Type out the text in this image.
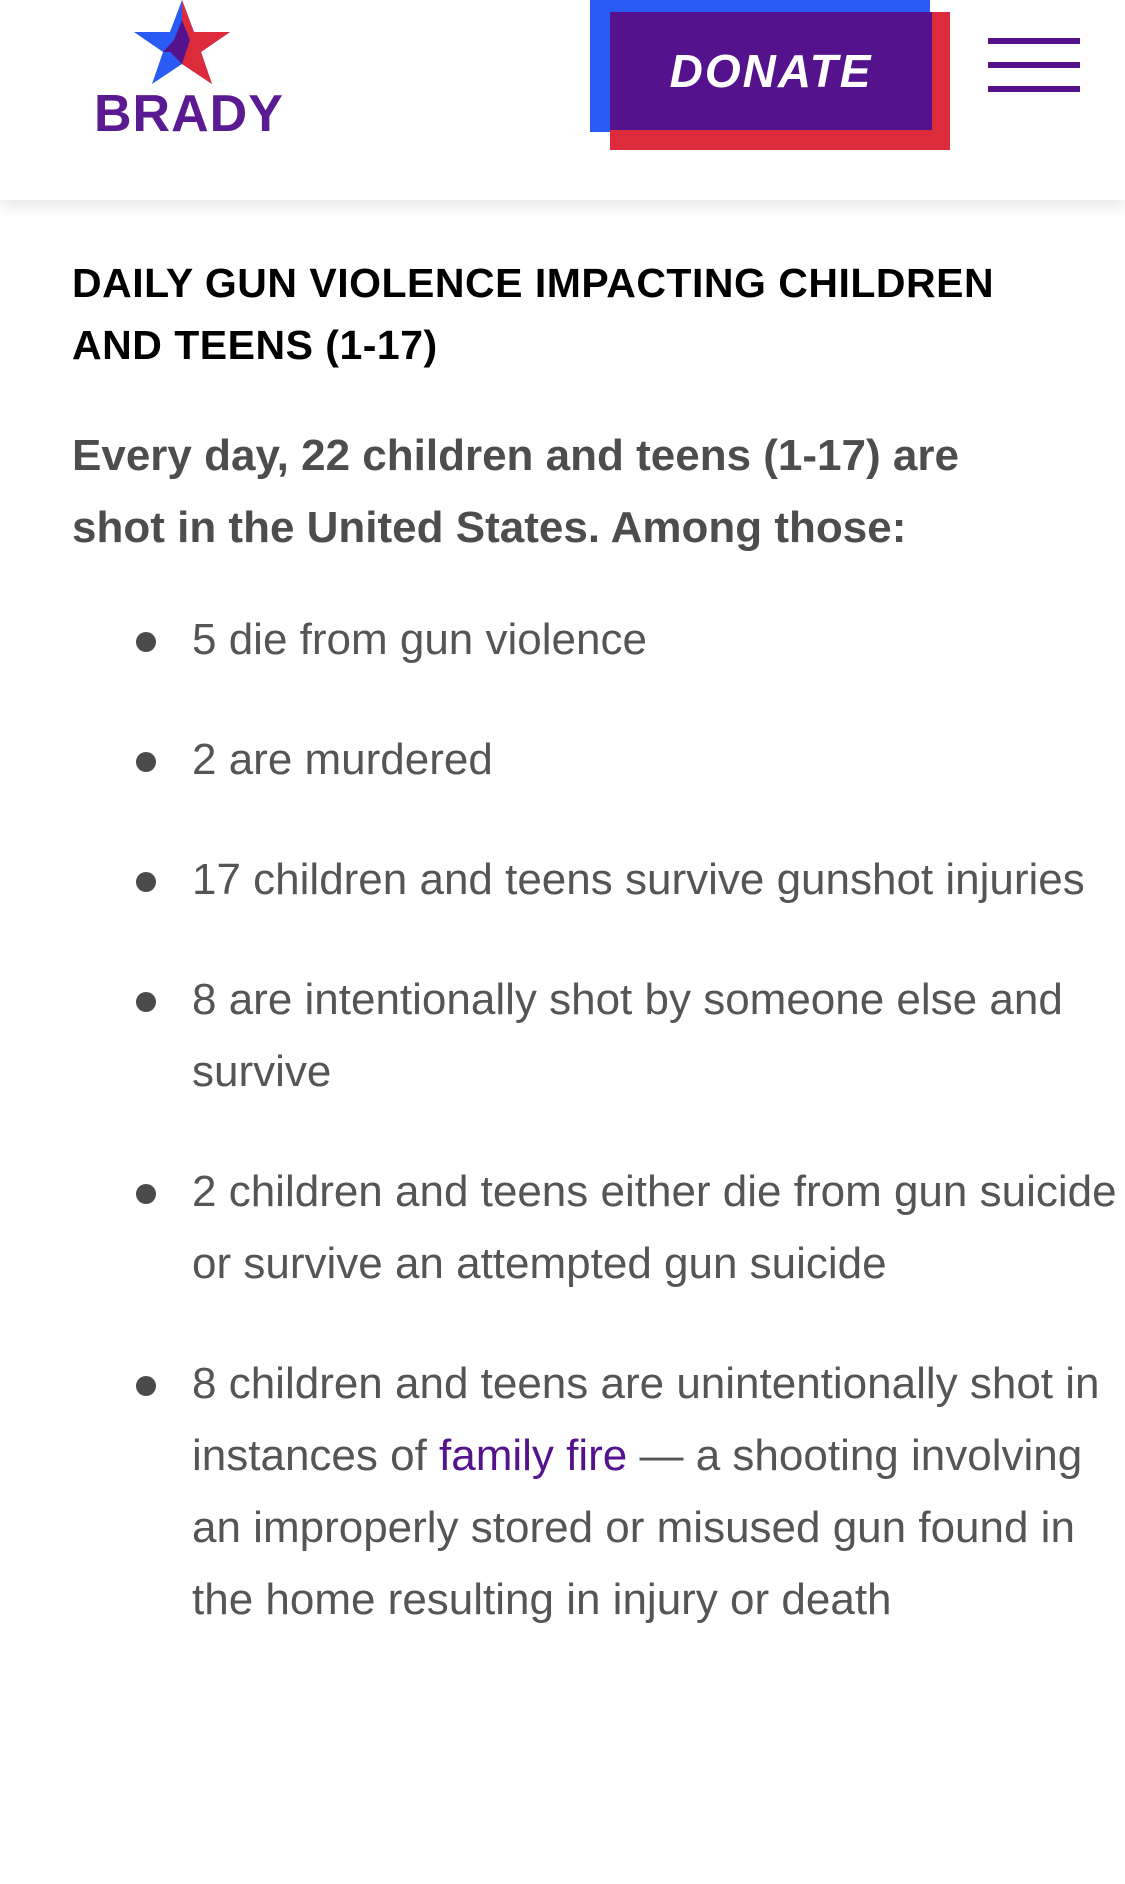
BRADY
DONATE
DAILY GUN VIOLENCE IMPACTING CHILDREN AND TEENS (1-17)

Every day, 22 children and teens (1-17) are shot in the United States. Among those:

5 die from gun violence
2 are murdered
17 children and teens survive gunshot injuries
8 are intentionally shot by someone else and survive
2 children and teens either die from gun suicide or survive an attempted gun suicide
8 children and teens are unintentionally shot in instances of family fire — a shooting involving an improperly stored or misused gun found in the home resulting in injury or death
